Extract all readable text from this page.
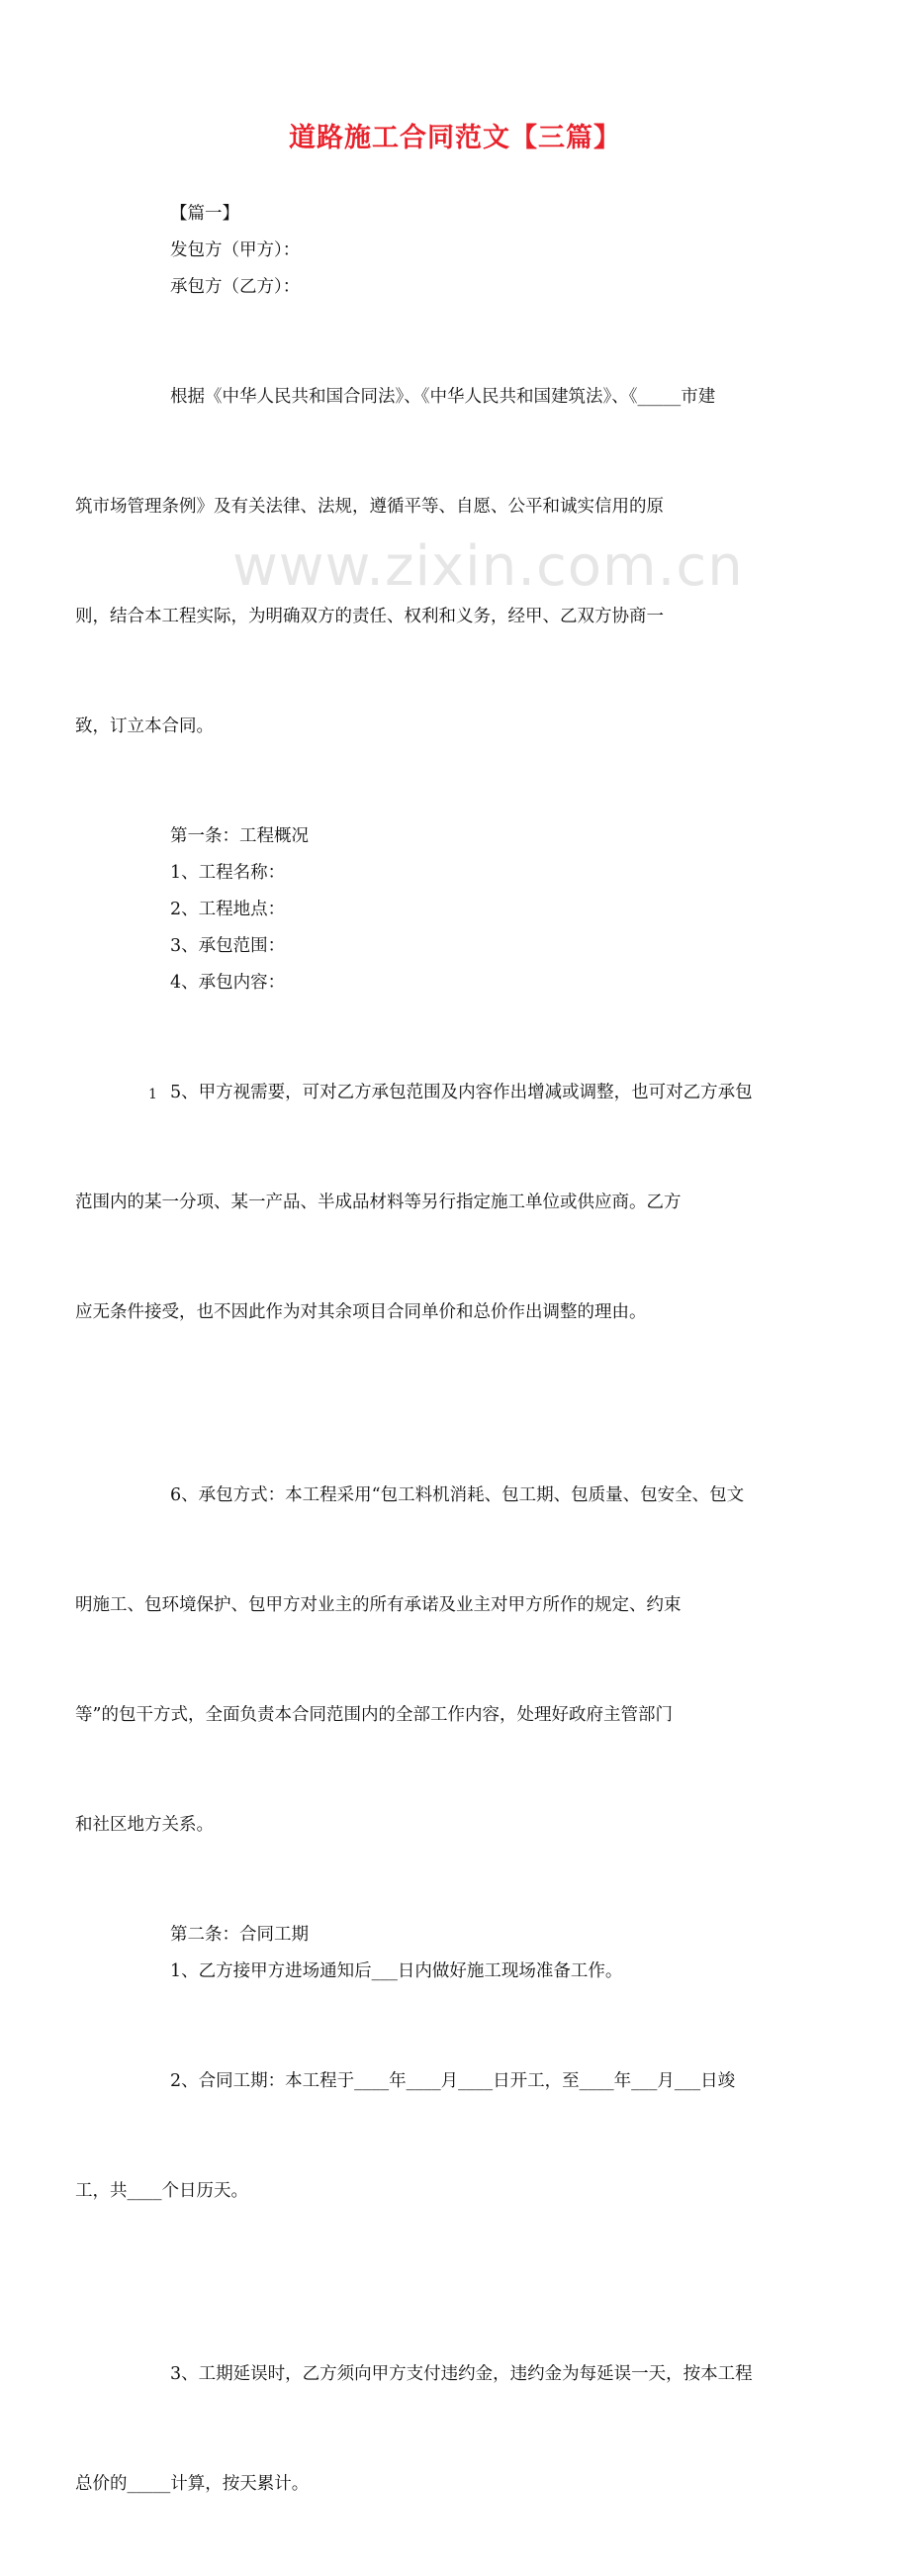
道路施工合同范文【三篇】

【篇一】

发包方（甲方）：

承包方（乙方）：

根据《中华人民共和国合同法》、《中华人民共和国建筑法》、《_____市建

筑市场管理条例》及有关法律、法规，遵循平等、自愿、公平和诚实信用的原

则，结合本工程实际，为明确双方的责任、权利和义务，经甲、乙双方协商一

致，订立本合同。

第一条：工程概况

1、工程名称：

2、工程地点：

3、承包范围：

4、承包内容：

5、甲方视需要，可对乙方承包范围及内容作出增减或调整，也可对乙方承包

范围内的某一分项、某一产品、半成品材料等另行指定施工单位或供应商。乙方

应无条件接受，也不因此作为对其余项目合同单价和总价作出调整的理由。

6、承包方式：本工程采用“包工料机消耗、包工期、包质量、包安全、包文

明施工、包环境保护、包甲方对业主的所有承诺及业主对甲方所作的规定、约束

等”的包干方式，全面负责本合同范围内的全部工作内容，处理好政府主管部门

和社区地方关系。

第二条：合同工期

1、乙方接甲方进场通知后___日内做好施工现场准备工作。

2、合同工期：本工程于____年____月____日开工，至____年___月___日竣

工，共____个日历天。

3、工期延误时，乙方须向甲方支付违约金，违约金为每延误一天，按本工程

总价的_____计算，按天累计。

www.zixin.com.cn
1
